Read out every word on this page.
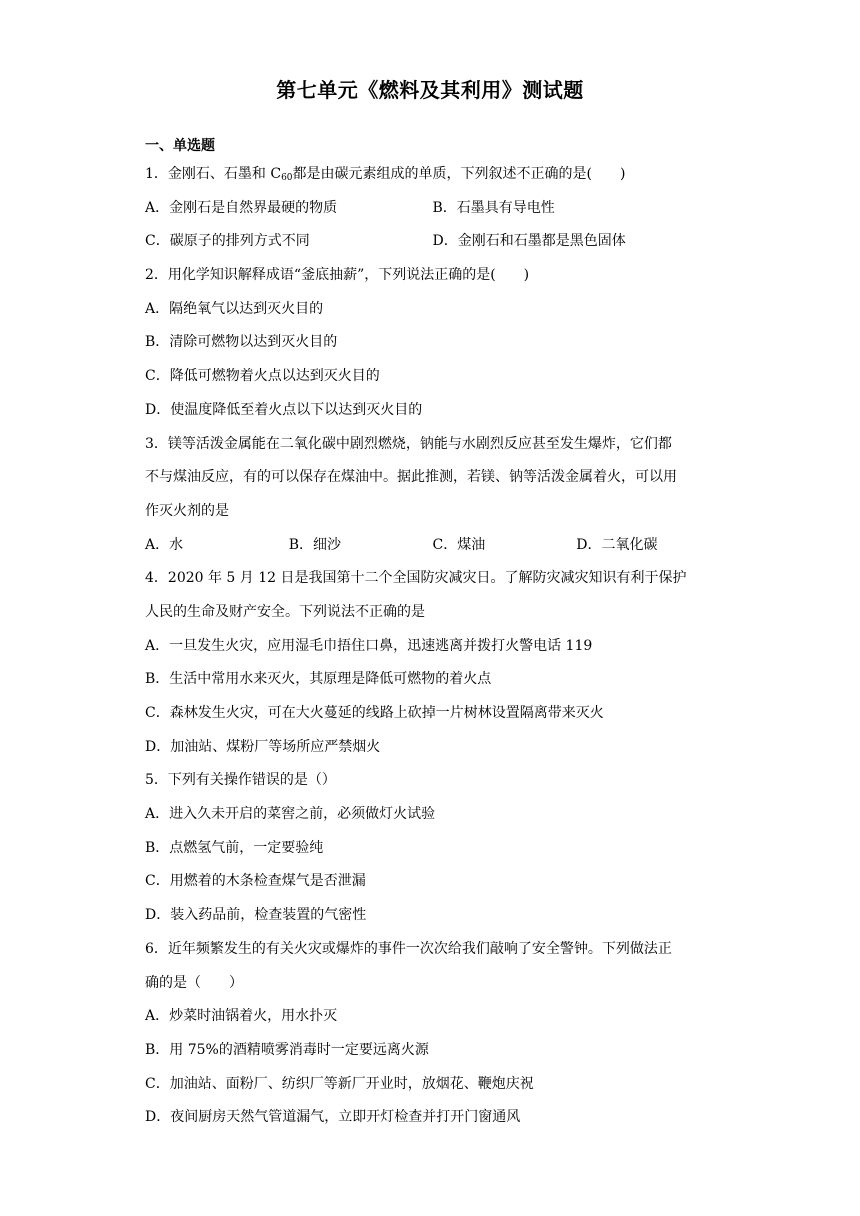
第七单元《燃料及其利用》测试题
一、单选题
1．金刚石、石墨和 $C_{60}$都是由碳元素组成的单质，下列叙述不正确的是(　　)
A．金刚石是自然界最硬的物质	B．石墨具有导电性
C．碳原子的排列方式不同	D．金刚石和石墨都是黑色固体
2．用化学知识解释成语“釜底抽薪”，下列说法正确的是(　　)
A．隔绝氧气以达到灭火目的
B．清除可燃物以达到灭火目的
C．降低可燃物着火点以达到灭火目的
D．使温度降低至着火点以下以达到灭火目的
3．镁等活泼金属能在二氧化碳中剧烈燃烧，钠能与水剧烈反应甚至发生爆炸，它们都
不与煤油反应，有的可以保存在煤油中。据此推测，若镁、钠等活泼金属着火，可以用
作灭火剂的是
A．水	B．细沙	C．煤油	D．二氧化碳
4．2020 年 5 月 12 日是我国第十二个全国防灾减灾日。了解防灾减灾知识有利于保护
人民的生命及财产安全。下列说法不正确的是
A．一旦发生火灾，应用湿毛巾捂住口鼻，迅速逃离并拨打火警电话 119
B．生活中常用水来灭火，其原理是降低可燃物的着火点
C．森林发生火灾，可在大火蔓延的线路上砍掉一片树林设置隔离带来灭火
D．加油站、煤粉厂等场所应严禁烟火
5．下列有关操作错误的是（）
A．进入久未开启的菜窖之前，必须做灯火试验
B．点燃氢气前，一定要验纯
C．用燃着的木条检查煤气是否泄漏
D．装入药品前，检查装置的气密性
6．近年频繁发生的有关火灾或爆炸的事件一次次给我们敲响了安全警钟。下列做法正
确的是（　　）
A．炒菜时油锅着火，用水扑灭
B．用 75%的酒精喷雾消毒时一定要远离火源
C．加油站、面粉厂、纺织厂等新厂开业时，放烟花、鞭炮庆祝
D．夜间厨房天然气管道漏气，立即开灯检查并打开门窗通风
